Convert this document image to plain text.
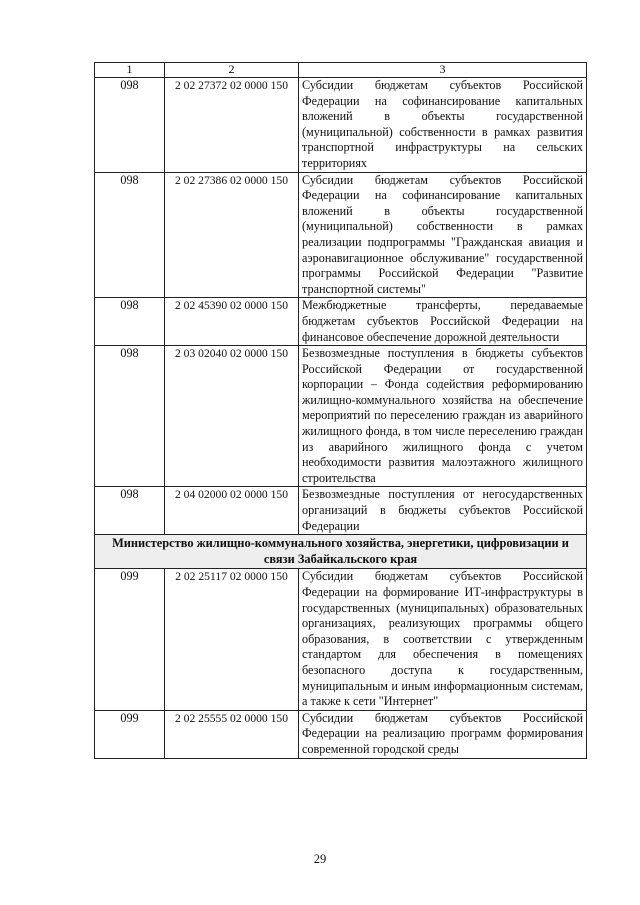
1	2	3
098	2 02 27372 02 0000 150	Субсидии бюджетам субъектов Российской Федерации на софинансирование капитальных вложений в объекты государственной (муниципальной) собственности в рамках развития транспортной инфраструктуры на сельских территориях
098	2 02 27386 02 0000 150	Субсидии бюджетам субъектов Российской Федерации на софинансирование капитальных вложений в объекты государственной (муниципальной) собственности в рамках реализации подпрограммы "Гражданская авиация и аэронавигационное обслуживание" государственной программы Российской Федерации "Развитие транспортной системы"
098	2 02 45390 02 0000 150	Межбюджетные трансферты, передаваемые бюджетам субъектов Российской Федерации на финансовое обеспечение дорожной деятельности
098	2 03 02040 02 0000 150	Безвозмездные поступления в бюджеты субъектов Российской Федерации от государственной корпорации – Фонда содействия реформированию жилищно-коммунального хозяйства на обеспечение мероприятий по переселению граждан из аварийного жилищного фонда, в том числе переселению граждан из аварийного жилищного фонда с учетом необходимости развития малоэтажного жилищного строительства
098	2 04 02000 02 0000 150	Безвозмездные поступления от негосударственных организаций в бюджеты субъектов Российской Федерации
Министерство жилищно-коммунального хозяйства, энергетики, цифровизации и связи Забайкальского края		
099	2 02 25117 02 0000 150	Субсидии бюджетам субъектов Российской Федерации на формирование ИТ-инфраструктуры в государственных (муниципальных) образовательных организациях, реализующих программы общего образования, в соответствии с утвержденным стандартом для обеспечения в помещениях безопасного доступа к государственным, муниципальным и иным информационным системам, а также к сети "Интернет"
099	2 02 25555 02 0000 150	Субсидии бюджетам субъектов Российской Федерации на реализацию программ формирования современной городской среды
29
